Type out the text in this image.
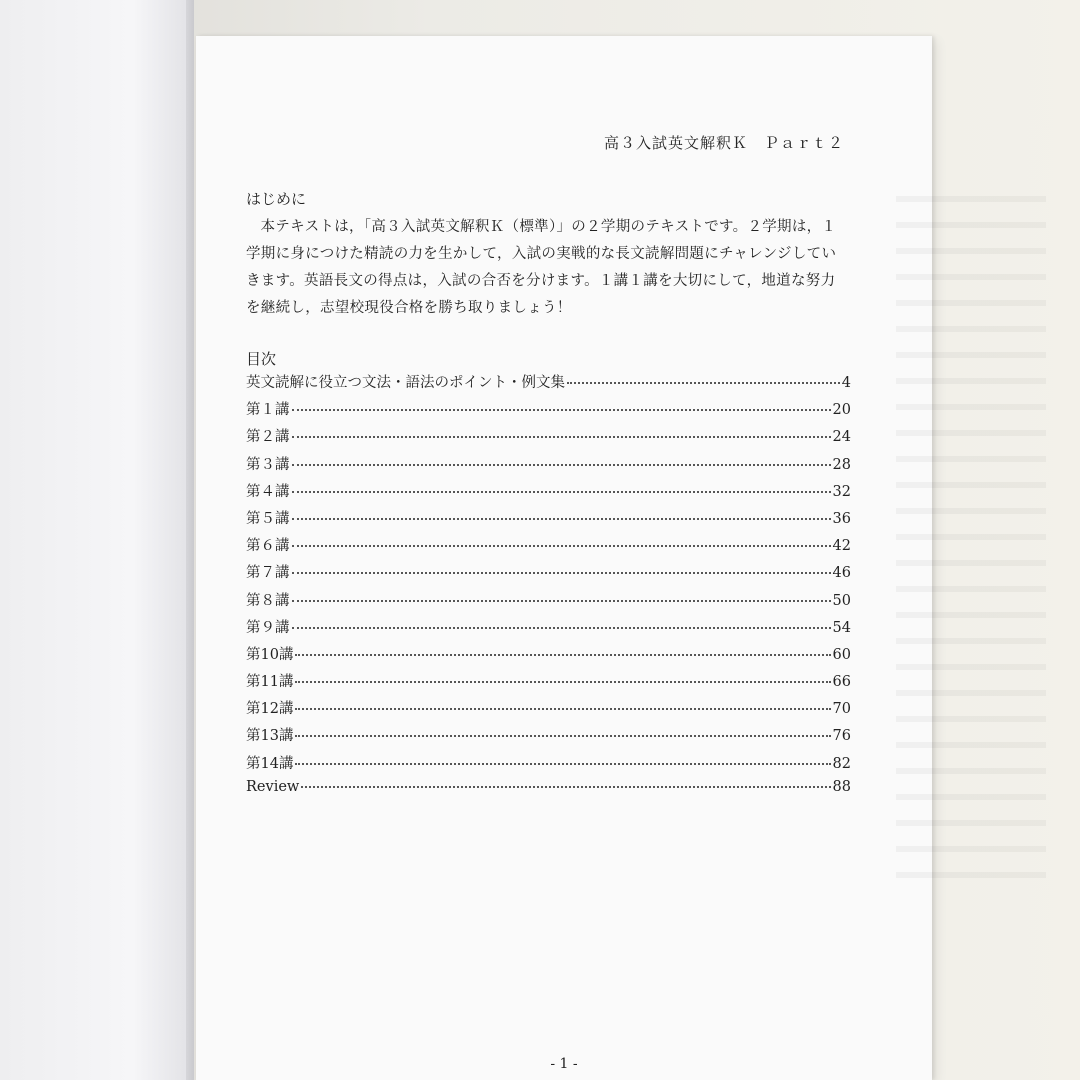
高３入試英文解釈Ｋ　Ｐａｒｔ２
はじめに
本テキストは，「高３入試英文解釈Ｋ（標準）」の２学期のテキストです。２学期は，１学期に身につけた精読の力を生かして，入試の実戦的な長文読解問題にチャレンジしていきます。英語長文の得点は，入試の合否を分けます。１講１講を大切にして，地道な努力を継続し，志望校現役合格を勝ち取りましょう！
目次
英文読解に役立つ文法・語法のポイント・例文集	4
第１講	20
第２講	24
第３講	28
第４講	32
第５講	36
第６講	42
第７講	46
第８講	50
第９講	54
第10講	60
第11講	66
第12講	70
第13講	76
第14講	82
Review	88
- 1 -
